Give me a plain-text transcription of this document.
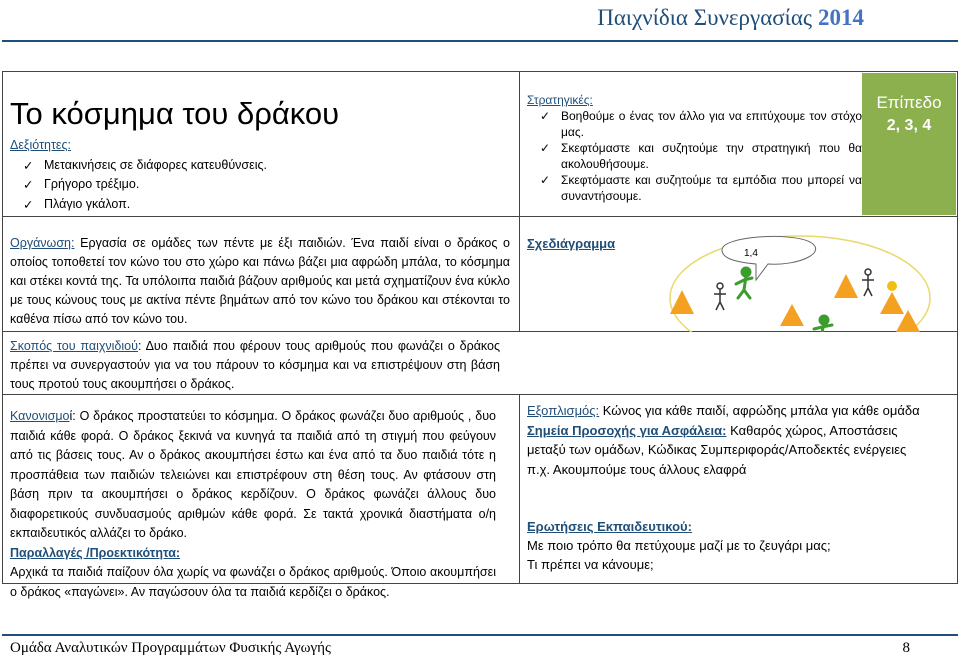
Παιχνίδια Συνεργασίας 2014
Το κόσμημα του δράκου
Δεξιότητες:
✓ Μετακινήσεις σε διάφορες κατευθύνσεις.
✓ Γρήγορο τρέξιμο.
✓ Πλάγιο γκάλοπ.
Στρατηγικές:
✓ Βοηθούμε ο ένας τον άλλο για να επιτύχουμε τον στόχο μας.
✓ Σκεφτόμαστε και συζητούμε την στρατηγική που θα ακολουθήσουμε.
✓ Σκεφτόμαστε και συζητούμε τα εμπόδια που μπορεί να συναντήσουμε.
Επίπεδο
2, 3, 4
Οργάνωση: Εργασία σε ομάδες των πέντε με έξι παιδιών. Ένα παιδί είναι ο δράκος ο οποίος τοποθετεί τον κώνο του στο χώρο και πάνω βάζει μια αφρώδη μπάλα, το κόσμημα και στέκει κοντά της. Τα υπόλοιπα παιδιά βάζουν αριθμούς και μετά σχηματίζουν ένα κύκλο με τους κώνους τους με ακτίνα πέντε βημάτων από τον κώνο του δράκου και στέκονται το καθένα πίσω από τον κώνο του.
Σχεδιάγραμμα
1,4
Σκοπός του παιχνιδιού: Δυο παιδιά που φέρουν τους αριθμούς που φωνάζει ο δράκος πρέπει να συνεργαστούν για να του πάρουν το κόσμημα και να επιστρέψουν στη βάση τους προτού τους ακουμπήσει ο δράκος.
Κανονισμοί: Ο δράκος προστατεύει το κόσμημα. Ο δράκος φωνάζει δυο αριθμούς , δυο παιδιά κάθε φορά. Ο δράκος ξεκινά να κυνηγά τα παιδιά από τη στιγμή που φεύγουν από τις βάσεις τους. Αν ο δράκος ακουμπήσει έστω και ένα από τα δυο παιδιά τότε η προσπάθεια των παιδιών τελειώνει και επιστρέφουν στη θέση τους. Αν φτάσουν στη βάση πριν τα ακουμπήσει ο δράκος κερδίζουν. Ο δράκος φωνάζει άλλους δυο διαφορετικούς συνδυασμούς αριθμών κάθε φορά. Σε τακτά χρονικά διαστήματα ο/η εκπαιδευτικός αλλάζει το δράκο.
Παραλλαγές /Προεκτικότητα:
Αρχικά τα παιδιά παίζουν όλα χωρίς να φωνάζει ο δράκος αριθμούς. Όποιο ακουμπήσει ο δράκος «παγώνει». Αν παγώσουν όλα τα παιδιά κερδίζει ο δράκος.
Εξοπλισμός: Κώνος για κάθε παιδί, αφρώδης μπάλα για κάθε ομάδα
Σημεία Προσοχής για Ασφάλεια: Καθαρός χώρος, Αποστάσεις μεταξύ των ομάδων, Κώδικας Συμπεριφοράς/Αποδεκτές ενέργειες π.χ. Ακουμπούμε τους άλλους ελαφρά
Ερωτήσεις Εκπαιδευτικού:
Με ποιο τρόπο θα πετύχουμε μαζί με το ζευγάρι μας;
Τι πρέπει να κάνουμε;
Ομάδα Αναλυτικών Προγραμμάτων Φυσικής Αγωγής	8
